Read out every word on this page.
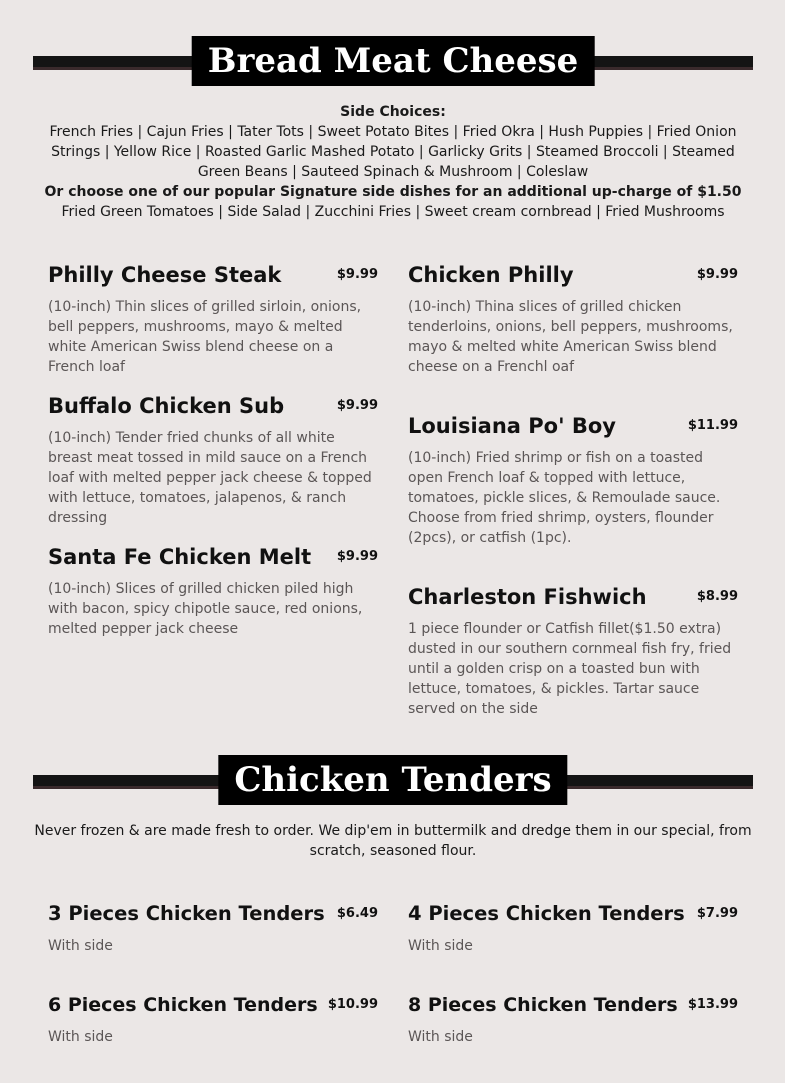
Bread Meat Cheese
Side Choices:
French Fries | Cajun Fries | Tater Tots | Sweet Potato Bites | Fried Okra | Hush Puppies | Fried Onion Strings | Yellow Rice | Roasted Garlic Mashed Potato | Garlicky Grits | Steamed Broccoli | Steamed Green Beans | Sauteed Spinach & Mushroom | Coleslaw
Or choose one of our popular Signature side dishes for an additional up-charge of $1.50
Fried Green Tomatoes | Side Salad | Zucchini Fries | Sweet cream cornbread | Fried Mushrooms
Philly Cheese Steak	$9.99
(10-inch) Thin slices of grilled sirloin, onions, bell peppers, mushrooms, mayo & melted white American Swiss blend cheese on a French loaf
Buffalo Chicken Sub	$9.99
(10-inch) Tender fried chunks of all white breast meat tossed in mild sauce on a French loaf with melted pepper jack cheese & topped with lettuce, tomatoes, jalapenos, & ranch dressing
Santa Fe Chicken Melt $9.99
(10-inch) Slices of grilled chicken piled high with bacon, spicy chipotle sauce, red onions, melted pepper jack cheese
Chicken Philly	$9.99
(10-inch) Thina slices of grilled chicken tenderloins, onions, bell peppers, mushrooms, mayo & melted white American Swiss blend cheese on a Frenchl oaf
Louisiana Po' Boy	$11.99
(10-inch) Fried shrimp or fish on a toasted open French loaf & topped with lettuce, tomatoes, pickle slices, & Remoulade sauce. Choose from fried shrimp, oysters, flounder (2pcs), or catfish (1pc).
Charleston Fishwich	$8.99
1 piece flounder or Catfish fillet($1.50 extra) dusted in our southern cornmeal fish fry, fried until a golden crisp on a toasted bun with lettuce, tomatoes, & pickles. Tartar sauce served on the side
Chicken Tenders
Never frozen & are made fresh to order. We dip'em in buttermilk and dredge them in our special, from scratch, seasoned flour.
3 Pieces Chicken Tenders $6.49
With side
4 Pieces Chicken Tenders $7.99
With side
6 Pieces Chicken Tenders $10.99
With side
8 Pieces Chicken Tenders $13.99
With side
